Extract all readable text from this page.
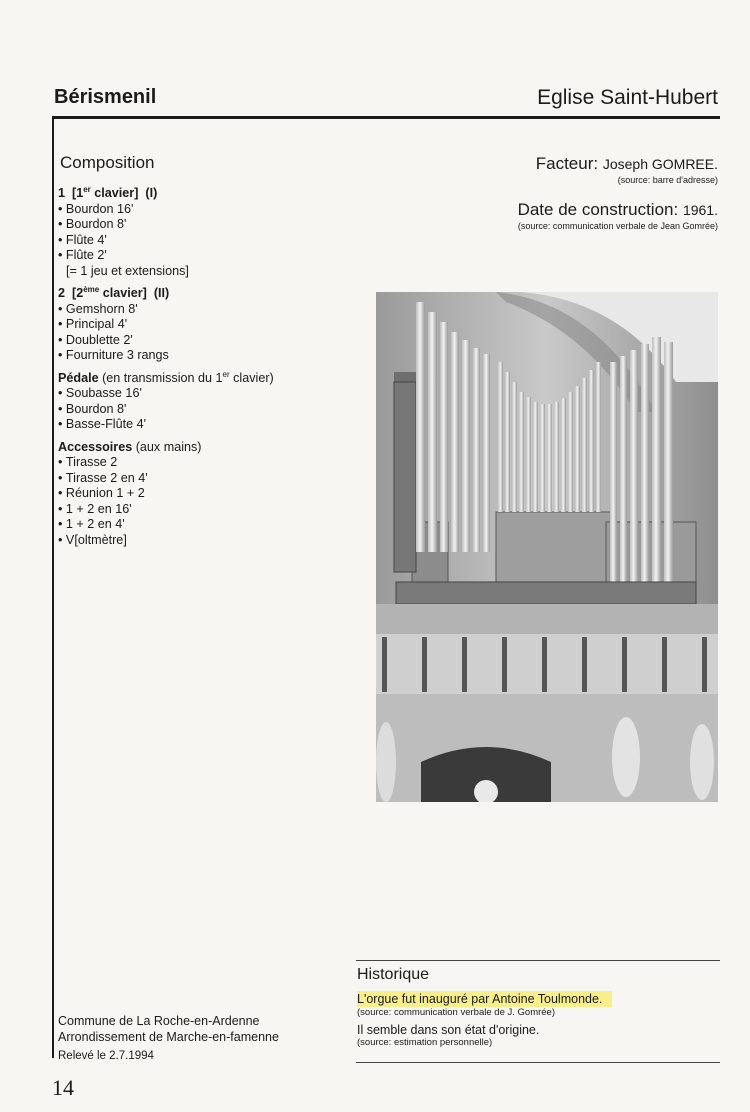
Bérismenil	Eglise Saint-Hubert
Composition
1 [1er clavier] (I)
• Bourdon 16'
• Bourdon 8'
• Flûte 4'
• Flûte 2'
[= 1 jeu et extensions]
2 [2ème clavier] (II)
• Gemshorn 8'
• Principal 4'
• Doublette 2'
• Fourniture 3 rangs
Pédale (en transmission du 1er clavier)
• Soubasse 16'
• Bourdon 8'
• Basse-Flûte 4'
Accessoires (aux mains)
• Tirasse 2
• Tirasse 2 en 4'
• Réunion 1 + 2
• 1 + 2 en 16'
• 1 + 2 en 4'
• V[oltmètre]
Facteur: Joseph GOMREE.
(source: barre d'adresse)
Date de construction: 1961.
(source: communication verbale de Jean Gomrée)
Historique
L'orgue fut inauguré par Antoine Toulmonde.
(source: communication verbale de J. Gomrée)
Il semble dans son état d'origine.
(source: estimation personnelle)
Commune de La Roche-en-Ardenne
Arrondissement de Marche-en-famenne
Relevé le 2.7.1994
14
